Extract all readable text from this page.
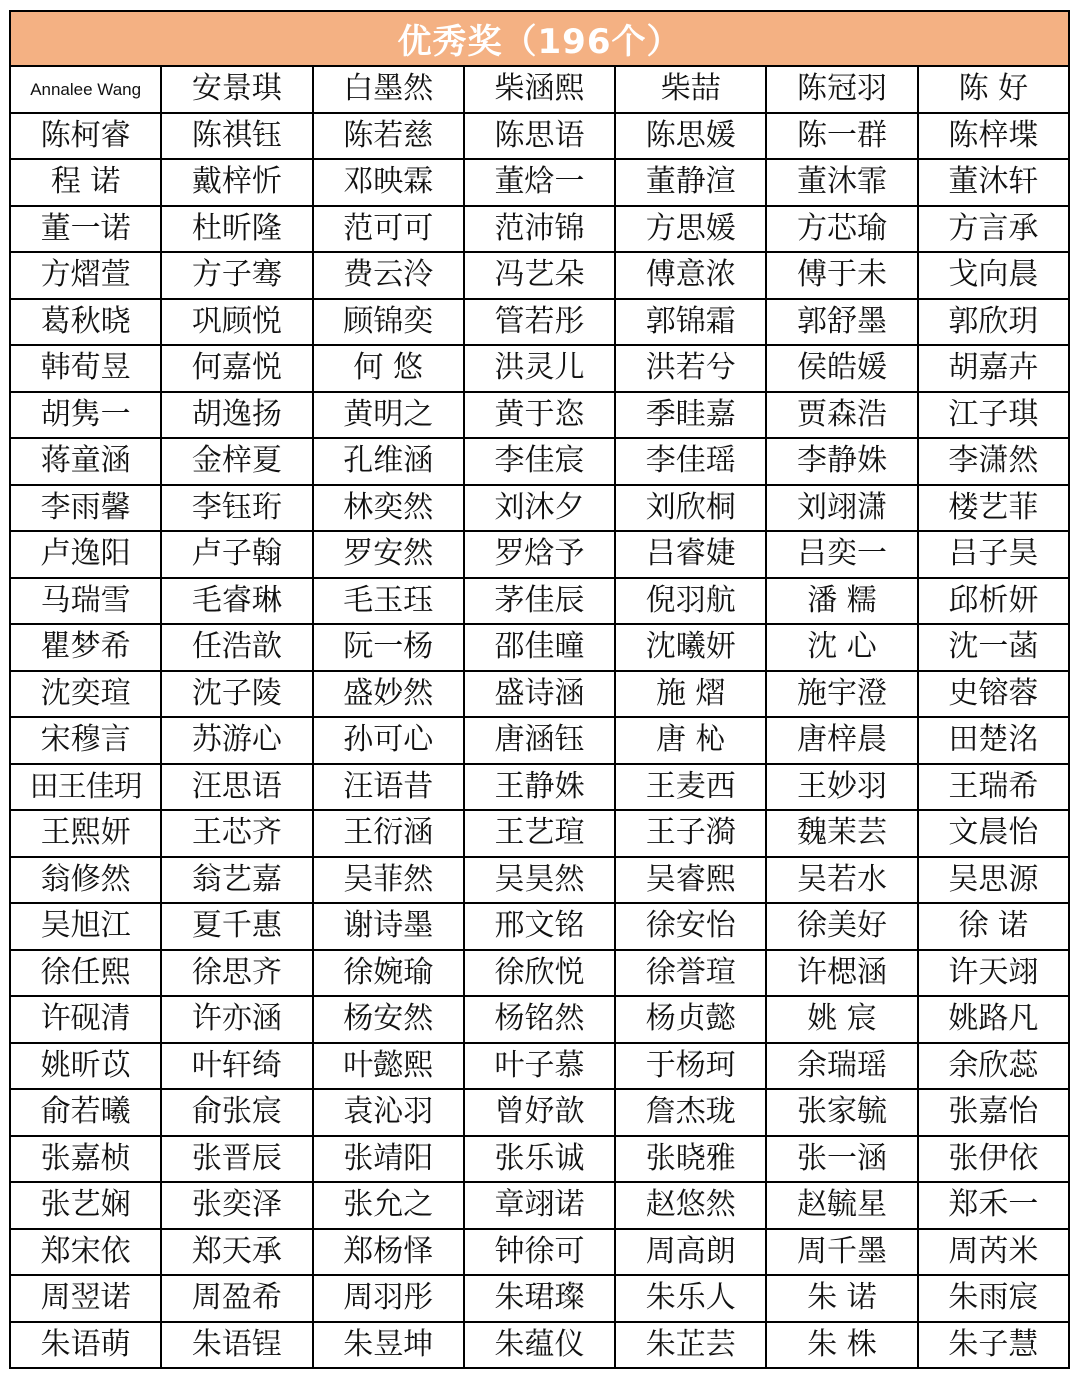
优秀奖（196个）
Annalee Wang	安景琪	白墨然	柴涵熙	柴喆	陈冠羽	陈 好
陈柯睿	陈祺钰	陈若慈	陈思语	陈思媛	陈一群	陈梓堞
程 诺	戴梓忻	邓映霖	董焓一	董静渲	董沐霏	董沐轩
董一诺	杜昕隆	范可可	范沛锦	方思媛	方芯瑜	方言承
方熠萱	方子骞	费云泠	冯艺朵	傅意浓	傅于未	戈向晨
葛秋晓	巩顾悦	顾锦奕	管若彤	郭锦霜	郭舒墨	郭欣玥
韩荀昱	何嘉悦	何 悠	洪灵儿	洪若兮	侯皓媛	胡嘉卉
胡隽一	胡逸扬	黄明之	黄于恣	季眭嘉	贾森浩	江子琪
蒋童涵	金梓夏	孔维涵	李佳宸	李佳瑶	李静姝	李潇然
李雨馨	李钰珩	林奕然	刘沐夕	刘欣桐	刘翊潇	楼艺菲
卢逸阳	卢子翰	罗安然	罗焓予	吕睿婕	吕奕一	吕子昊
马瑞雪	毛睿琳	毛玉珏	茅佳辰	倪羽航	潘 糯	邱析妍
瞿梦希	任浩歆	阮一杨	邵佳曈	沈曦妍	沈 心	沈一菡
沈奕瑄	沈子陵	盛妙然	盛诗涵	施 熠	施宇澄	史镕蓉
宋穆言	苏游心	孙可心	唐涵钰	唐 杺	唐梓晨	田楚洺
田王佳玥	汪思语	汪语昔	王静姝	王麦西	王妙羽	王瑞希
王熙妍	王芯齐	王衍涵	王艺瑄	王子漪	魏茉芸	文晨怡
翁修然	翁艺嘉	吴菲然	吴昊然	吴睿熙	吴若水	吴思源
吴旭江	夏千惠	谢诗墨	邢文铭	徐安怡	徐美好	徐 诺
徐任熙	徐思齐	徐婉瑜	徐欣悦	徐誉瑄	许楒涵	许天翊
许砚清	许亦涵	杨安然	杨铭然	杨贞懿	姚 宸	姚路凡
姚昕苡	叶轩绮	叶懿熙	叶子慕	于杨珂	余瑞瑶	余欣蕊
俞若曦	俞张宸	袁沁羽	曾妤歆	詹杰珑	张家毓	张嘉怡
张嘉桢	张晋辰	张靖阳	张乐诚	张晓雅	张一涵	张伊依
张艺娴	张奕泽	张允之	章翊诺	赵悠然	赵毓星	郑禾一
郑宋依	郑天承	郑杨怿	钟徐可	周高朗	周千墨	周芮米
周翌诺	周盈希	周羽彤	朱珺璨	朱乐人	朱 诺	朱雨宸
朱语萌	朱语锃	朱昱坤	朱蕴仪	朱芷芸	朱 株	朱子慧
